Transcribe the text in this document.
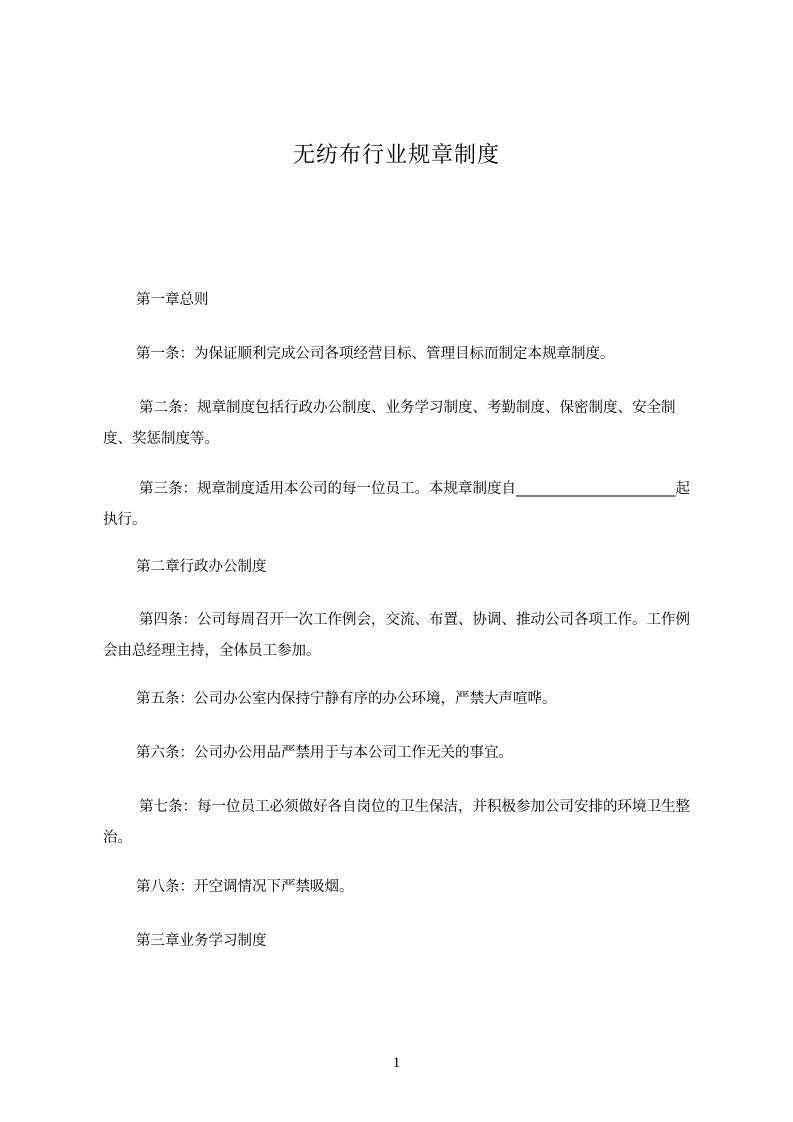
无纺布行业规章制度

第一章总则

第一条：为保证顺利完成公司各项经营目标、管理目标而制定本规章制度。

第二条：规章制度包括行政办公制度、业务学习制度、考勤制度、保密制度、安全制度、奖惩制度等。

第三条：规章制度适用本公司的每一位员工。本规章制度自______________________起执行。

第二章行政办公制度

第四条：公司每周召开一次工作例会，交流、布置、协调、推动公司各项工作。工作例会由总经理主持，全体员工参加。

第五条：公司办公室内保持宁静有序的办公环境，严禁大声喧哗。

第六条：公司办公用品严禁用于与本公司工作无关的事宜。

第七条：每一位员工必须做好各自岗位的卫生保洁，并积极参加公司安排的环境卫生整治。

第八条：开空调情况下严禁吸烟。

第三章业务学习制度

1
